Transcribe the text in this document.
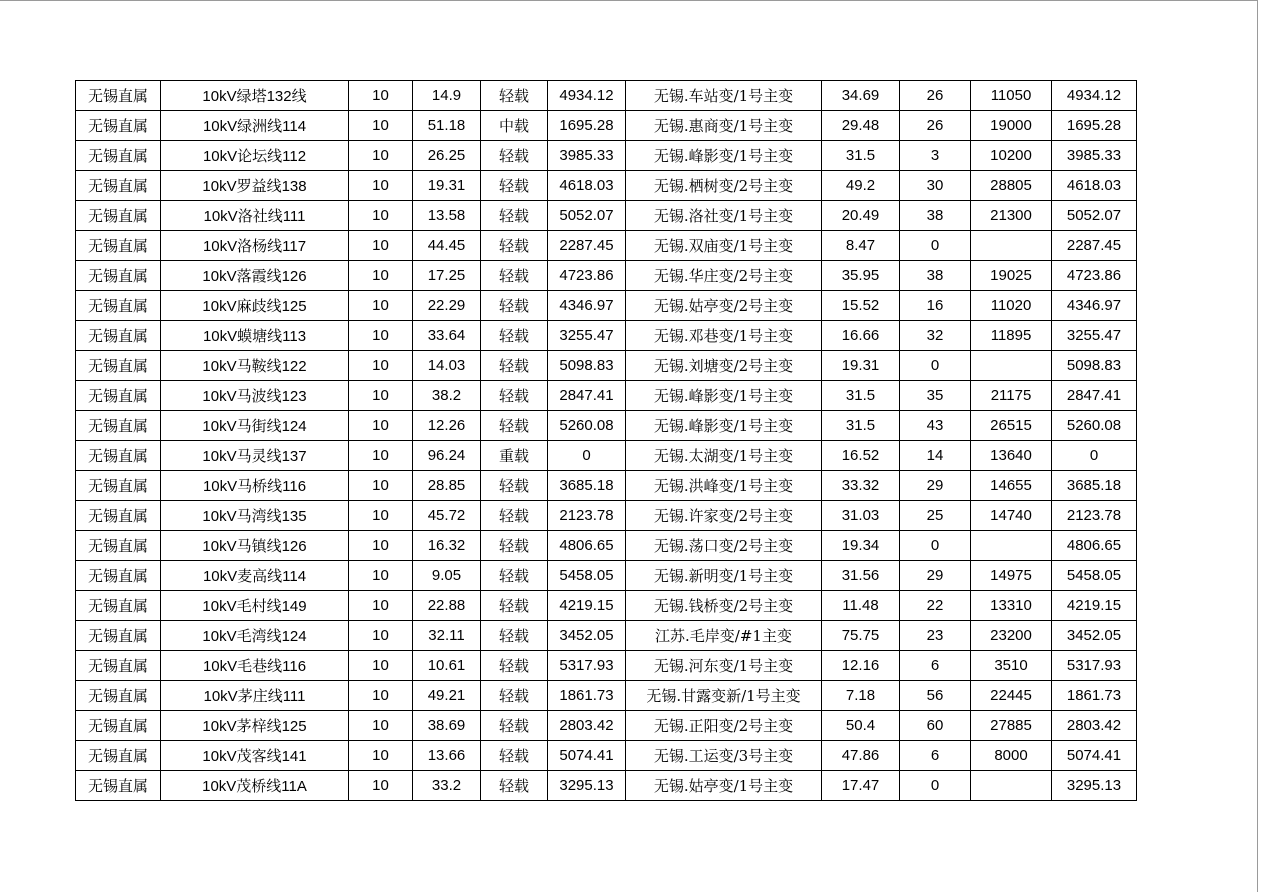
无锡直属	10kV绿塔132线	10	14.9	轻载	4934.12	无锡.车站变/1号主变	34.69	26	11050	4934.12
无锡直属	10kV绿洲线114	10	51.18	中载	1695.28	无锡.惠商变/1号主变	29.48	26	19000	1695.28
无锡直属	10kV论坛线112	10	26.25	轻载	3985.33	无锡.峰影变/1号主变	31.5	3	10200	3985.33
无锡直属	10kV罗益线138	10	19.31	轻载	4618.03	无锡.栖树变/2号主变	49.2	30	28805	4618.03
无锡直属	10kV洛社线111	10	13.58	轻载	5052.07	无锡.洛社变/1号主变	20.49	38	21300	5052.07
无锡直属	10kV洛杨线117	10	44.45	轻载	2287.45	无锡.双庙变/1号主变	8.47	0		2287.45
无锡直属	10kV落霞线126	10	17.25	轻载	4723.86	无锡.华庄变/2号主变	35.95	38	19025	4723.86
无锡直属	10kV麻歧线125	10	22.29	轻载	4346.97	无锡.姑亭变/2号主变	15.52	16	11020	4346.97
无锡直属	10kV蟆塘线113	10	33.64	轻载	3255.47	无锡.邓巷变/1号主变	16.66	32	11895	3255.47
无锡直属	10kV马鞍线122	10	14.03	轻载	5098.83	无锡.刘塘变/2号主变	19.31	0		5098.83
无锡直属	10kV马波线123	10	38.2	轻载	2847.41	无锡.峰影变/1号主变	31.5	35	21175	2847.41
无锡直属	10kV马街线124	10	12.26	轻载	5260.08	无锡.峰影变/1号主变	31.5	43	26515	5260.08
无锡直属	10kV马灵线137	10	96.24	重载	0	无锡.太湖变/1号主变	16.52	14	13640	0
无锡直属	10kV马桥线116	10	28.85	轻载	3685.18	无锡.洪峰变/1号主变	33.32	29	14655	3685.18
无锡直属	10kV马湾线135	10	45.72	轻载	2123.78	无锡.许家变/2号主变	31.03	25	14740	2123.78
无锡直属	10kV马镇线126	10	16.32	轻载	4806.65	无锡.荡口变/2号主变	19.34	0		4806.65
无锡直属	10kV麦高线114	10	9.05	轻载	5458.05	无锡.新明变/1号主变	31.56	29	14975	5458.05
无锡直属	10kV毛村线149	10	22.88	轻载	4219.15	无锡.钱桥变/2号主变	11.48	22	13310	4219.15
无锡直属	10kV毛湾线124	10	32.11	轻载	3452.05	江苏.毛岸变/#1主变	75.75	23	23200	3452.05
无锡直属	10kV毛巷线116	10	10.61	轻载	5317.93	无锡.河东变/1号主变	12.16	6	3510	5317.93
无锡直属	10kV茅庄线111	10	49.21	轻载	1861.73	无锡.甘露变新/1号主变	7.18	56	22445	1861.73
无锡直属	10kV茅梓线125	10	38.69	轻载	2803.42	无锡.正阳变/2号主变	50.4	60	27885	2803.42
无锡直属	10kV茂客线141	10	13.66	轻载	5074.41	无锡.工运变/3号主变	47.86	6	8000	5074.41
无锡直属	10kV茂桥线11A	10	33.2	轻载	3295.13	无锡.姑亭变/1号主变	17.47	0		3295.13
